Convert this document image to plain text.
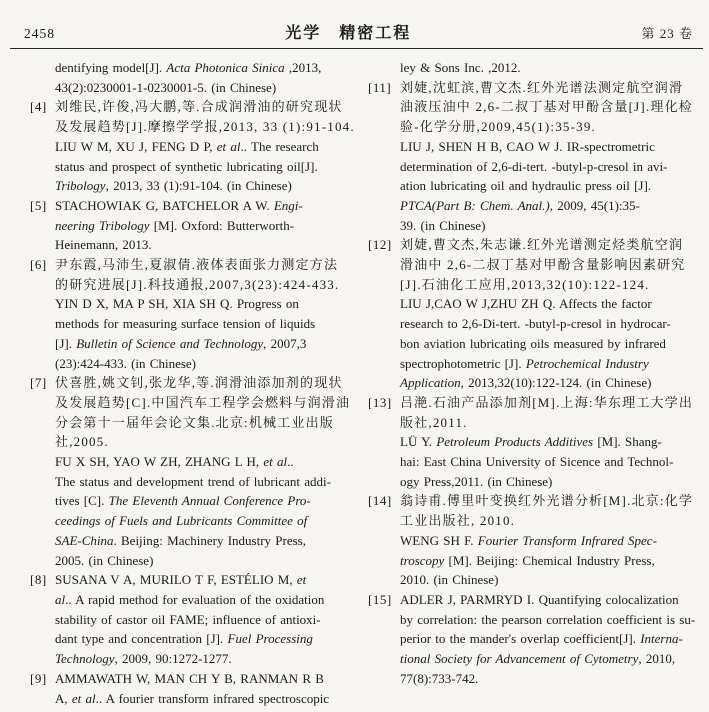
2458	光学　精密工程	第 23 卷
dentifying model[J]. Acta Photonica Sinica ,2013,
43(2):0230001-1-0230001-5. (in Chinese)
[4] 刘维民,许俊,冯大鹏,等.合成润滑油的研究现状
及发展趋势[J].摩擦学学报,2013, 33 (1):91-104.
LIU W M, XU J, FENG D P, et al.. The research
status and prospect of synthetic lubricating oil[J].
Tribology, 2013, 33 (1):91-104. (in Chinese)
[5] STACHOWIAK G, BATCHELOR A W. Engi-
neering Tribology [M]. Oxford: Butterworth-
Heinemann, 2013.
[6] 尹东霞,马沛生,夏淑倩.液体表面张力测定方法
的研究进展[J].科技通报,2007,3(23):424-433.
YIN D X, MA P SH, XIA SH Q. Progress on
methods for measuring surface tension of liquids
[J]. Bulletin of Science and Technology, 2007,3
(23):424-433. (in Chinese)
[7] 伏喜胜,姚文钊,张龙华,等.润滑油添加剂的现状
及发展趋势[C].中国汽车工程学会燃料与润滑油
分会第十一届年会论文集.北京:机械工业出版
社,2005.
FU X SH, YAO W ZH, ZHANG L H, et al..
The status and development trend of lubricant addi-
tives [C]. The Eleventh Annual Conference Pro-
ceedings of Fuels and Lubricants Committee of
SAE-China. Beijing: Machinery Industry Press,
2005. (in Chinese)
[8] SUSANA V A, MURILO T F, ESTÉLIO M, et
al.. A rapid method for evaluation of the oxidation
stability of castor oil FAME; influence of antioxi-
dant type and concentration [J]. Fuel Processing
Technology, 2009, 90:1272-1277.
[9] AMMAWATH W, MAN CH Y B, RANMAN R B
A, et al.. A fourier transform infrared spectroscopic
ley & Sons Inc. ,2012.
[11] 刘婕,沈虹滨,曹文杰.红外光谱法测定航空润滑
油液压油中 2,6-二叔丁基对甲酚含量[J].理化检
验-化学分册,2009,45(1):35-39.
LIU J, SHEN H B, CAO W J. IR-spectrometric
determination of 2,6-di-tert. -butyl-p-cresol in avi-
ation lubricating oil and hydraulic press oil [J].
PTCA(Part B: Chem. Anal.), 2009, 45(1):35-
39. (in Chinese)
[12] 刘婕,曹文杰,朱志谦.红外光谱测定烃类航空润
滑油中 2,6-二叔丁基对甲酚含量影响因素研究
[J].石油化工应用,2013,32(10):122-124.
LIU J,CAO W J,ZHU ZH Q. Affects the factor
research to 2,6-Di-tert. -butyl-p-cresol in hydrocar-
bon aviation lubricating oils measured by infrared
spectrophotometric [J]. Petrochemical Industry
Application, 2013,32(10):122-124. (in Chinese)
[13] 吕滟.石油产品添加剂[M].上海:华东理工大学出
版社,2011.
LÜ Y. Petroleum Products Additives [M]. Shang-
hai: East China University of Sicence and Technol-
ogy Press,2011. (in Chinese)
[14] 翁诗甫.傅里叶变换红外光谱分析[M].北京:化学
工业出版社, 2010.
WENG SH F. Fourier Transform Infrared Spec-
troscopy [M]. Beijing: Chemical Industry Press,
2010. (in Chinese)
[15] ADLER J, PARMRYD I. Quantifying colocalization
by correlation: the pearson correlation coefficient is su-
perior to the mander's overlap coefficient[J]. Interna-
tional Society for Advancement of Cytometry, 2010,
77(8):733-742.
